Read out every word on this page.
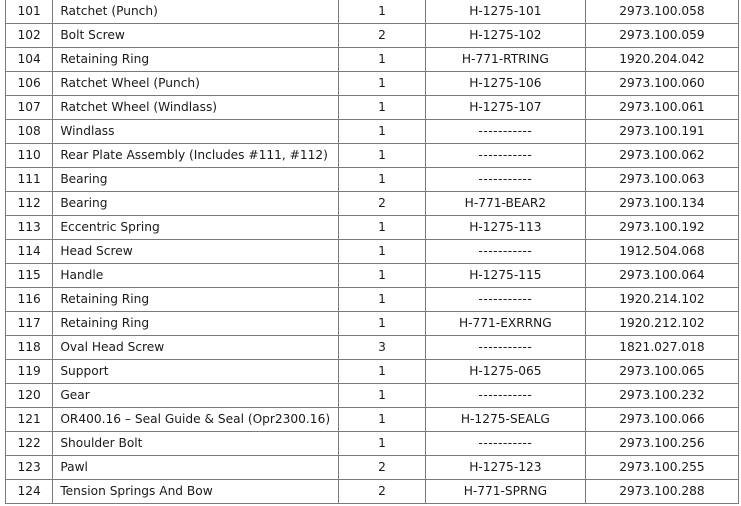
101	Ratchet (Punch)	1	H-1275-101	2973.100.058
102	Bolt Screw	2	H-1275-102	2973.100.059
104	Retaining Ring	1	H-771-RTRING	1920.204.042
106	Ratchet Wheel (Punch)	1	H-1275-106	2973.100.060
107	Ratchet Wheel (Windlass)	1	H-1275-107	2973.100.061
108	Windlass	1	-----------	2973.100.191
110	Rear Plate Assembly (Includes #111, #112)	1	-----------	2973.100.062
111	Bearing	1	-----------	2973.100.063
112	Bearing	2	H-771-BEAR2	2973.100.134
113	Eccentric Spring	1	H-1275-113	2973.100.192
114	Head Screw	1	-----------	1912.504.068
115	Handle	1	H-1275-115	2973.100.064
116	Retaining Ring	1	-----------	1920.214.102
117	Retaining Ring	1	H-771-EXRRNG	1920.212.102
118	Oval Head Screw	3	-----------	1821.027.018
119	Support	1	H-1275-065	2973.100.065
120	Gear	1	-----------	2973.100.232
121	OR400.16 – Seal Guide & Seal (Opr2300.16)	1	H-1275-SEALG	2973.100.066
122	Shoulder Bolt	1	-----------	2973.100.256
123	Pawl	2	H-1275-123	2973.100.255
124	Tension Springs And Bow	2	H-771-SPRNG	2973.100.288
